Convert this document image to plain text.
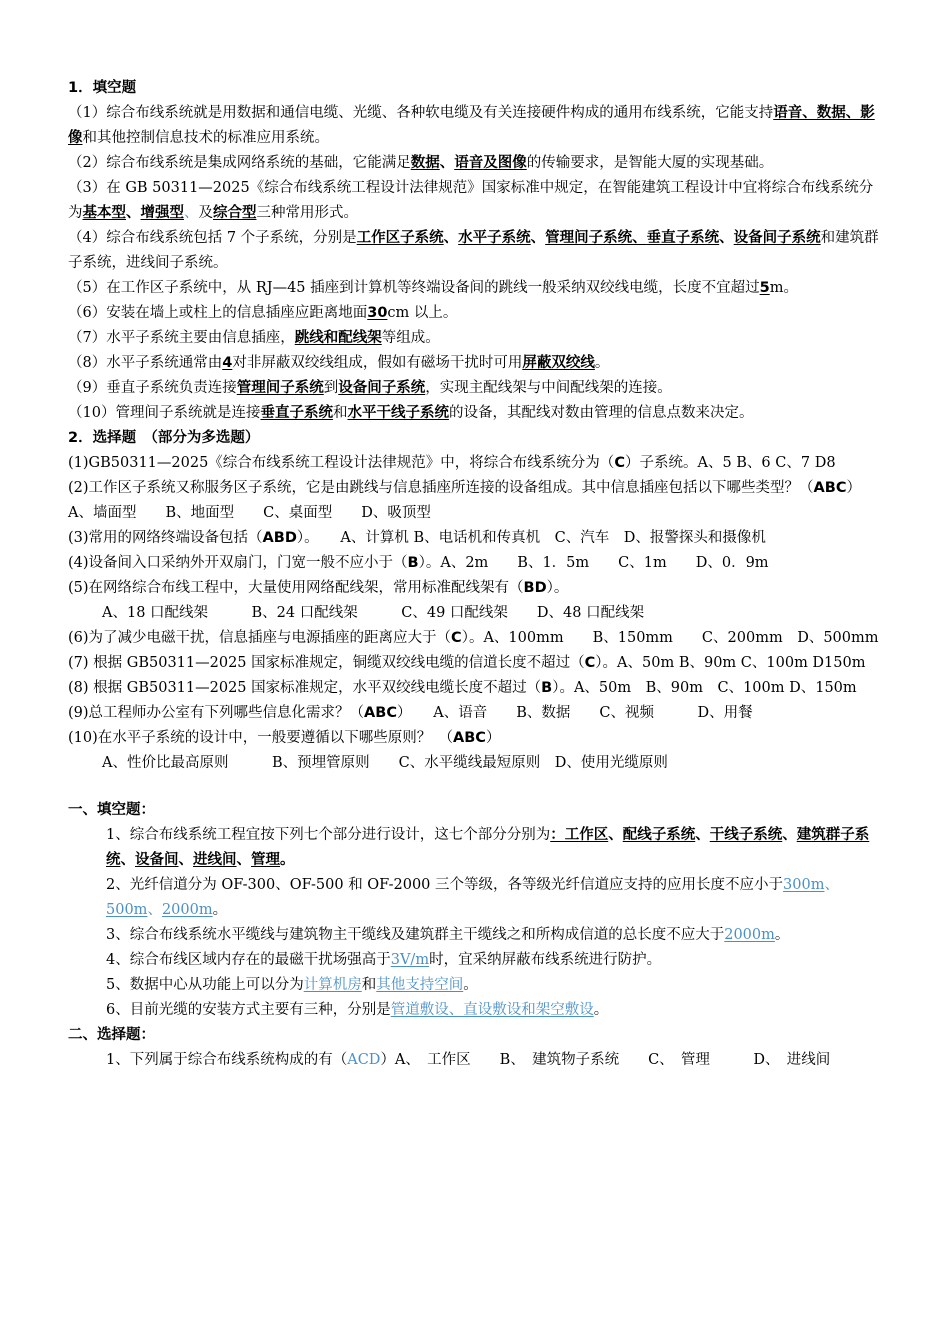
1．填空题
（1）综合布线系统就是用数据和通信电缆、光缆、各种软电缆及有关连接硬件构成的通用布线系统，它能支持语音、数据、影像和其他控制信息技术的标准应用系统。
（2）综合布线系统是集成网络系统的基础，它能满足数据、语音及图像的传输要求，是智能大厦的实现基础。
（3）在 GB 50311—2025《综合布线系统工程设计法律规范》国家标准中规定，在智能建筑工程设计中宜将综合布线系统分为基本型、增强型、及综合型三种常用形式。
（4）综合布线系统包括 7 个子系统，分别是工作区子系统、水平子系统、管理间子系统、垂直子系统、设备间子系统和建筑群子系统，进线间子系统。
（5）在工作区子系统中，从 RJ—45 插座到计算机等终端设备间的跳线一般采纳双绞线电缆，长度不宜超过5m。
（6）安装在墙上或柱上的信息插座应距离地面30cm 以上。
（7）水平子系统主要由信息插座，跳线和配线架等组成。
（8）水平子系统通常由4对非屏蔽双绞线组成，假如有磁场干扰时可用屏蔽双绞线。
（9）垂直子系统负责连接管理间子系统到设备间子系统，实现主配线架与中间配线架的连接。
（10）管理间子系统就是连接垂直子系统和水平干线子系统的设备，其配线对数由管理的信息点数来决定。
2．选择题　 （部分为多选题）
(1)GB50311—2025《综合布线系统工程设计法律规范》中，将综合布线系统分为（C）子系统。A、5 B、6 C、7 D8
(2)工作区子系统又称服务区子系统，它是由跳线与信息插座所连接的设备组成。其中信息插座包括以下哪些类型？（ABC）　　　　A、墙面型　　B、地面型　　C、桌面型　　D、吸顶型
(3)常用的网络终端设备包括（ABD）。　　A、计算机 B、电话机和传真机　C、汽车　D、报警探头和摄像机
(4)设备间入口采纳外开双扇门，门宽一般不应小于（B）。A、2m　　B、1．5m　　C、1m　　D、0．9m
(5)在网络综合布线工程中，大量使用网络配线架，常用标准配线架有（BD）。
A、18 口配线架　　　B、24 口配线架　　　C、49 口配线架　　D、48 口配线架
(6)为了减少电磁干扰，信息插座与电源插座的距离应大于（C）。A、100mm　　B、150mm　　C、200mm　D、500mm
(7) 根据 GB50311—2025 国家标准规定，铜缆双绞线电缆的信道长度不超过（C）。A、50m B、90m C、100m D150m
(8) 根据 GB50311—2025 国家标准规定，水平双绞线电缆长度不超过（B）。A、50m　B、90m　C、100m D、150m
(9)总工程师办公室有下列哪些信息化需求？（ABC）　　A、语音　　B、数据　　C、视频　　　D、用餐
(10)在水平子系统的设计中，一般要遵循以下哪些原则？　（ABC）
A、性价比最高原则　　　B、预埋管原则　　C、水平缆线最短原则　D、使用光缆原则
一、填空题：
1、综合布线系统工程宜按下列七个部分进行设计，这七个部分分别为：工作区、配线子系统、干线子系统、建筑群子系统、设备间、进线间、管理。
2、光纤信道分为 OF-300、OF-500 和 OF-2000 三个等级，各等级光纤信道应支持的应用长度不应小于300m、500m、2000m。
3、综合布线系统水平缆线与建筑物主干缆线及建筑群主干缆线之和所构成信道的总长度不应大于2000m。
4、综合布线区域内存在的最磁干扰场强高于3V/m时，宜采纳屏蔽布线系统进行防护。
5、数据中心从功能上可以分为计算机房和其他支持空间。
6、目前光缆的安装方式主要有三种，分别是管道敷设、直设敷设和架空敷设。
二、选择题：
1、下列属于综合布线系统构成的有（ACD）A、　工作区　　B、　建筑物子系统　　C、　管理　　　D、　进线间
